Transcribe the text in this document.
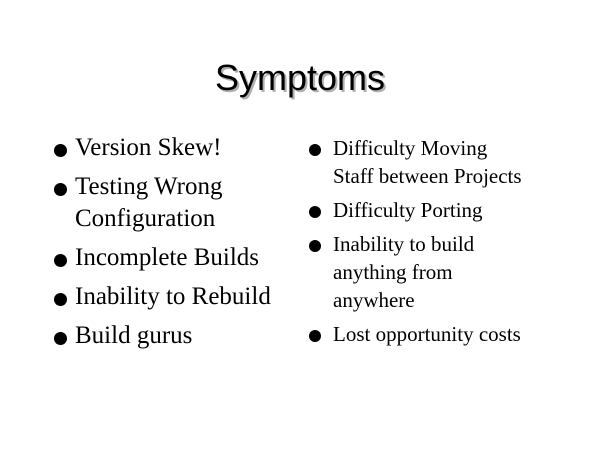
Symptoms
Version Skew!
Testing Wrong
Configuration
Incomplete Builds
Inability to Rebuild
Build gurus
Difficulty Moving
Staff between Projects
Difficulty Porting
Inability to build
anything from
anywhere
Lost opportunity costs
